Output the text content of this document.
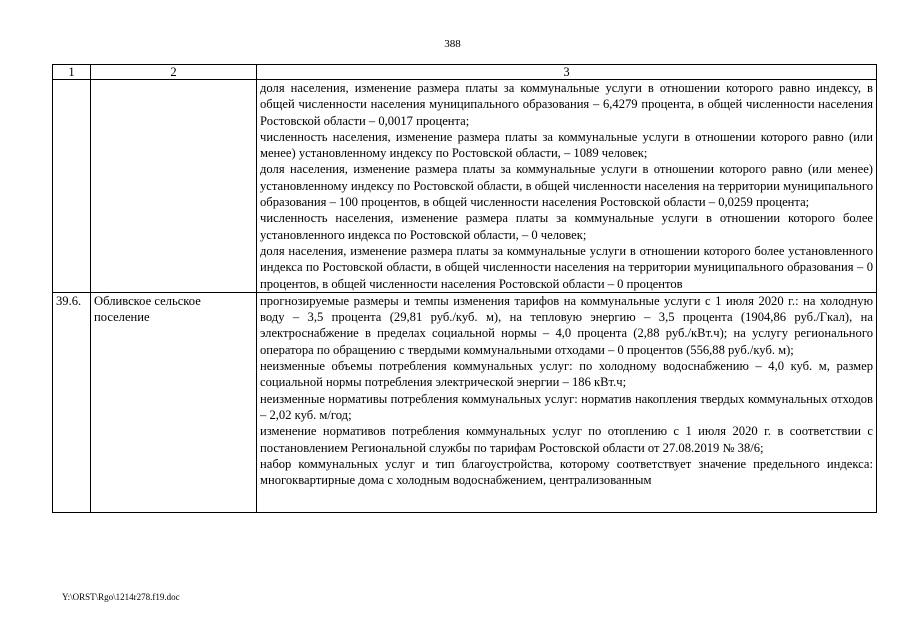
388
1	2	3

		доля населения, изменение размера платы за коммунальные услуги в отношении которого равно индексу, в общей численности населения муниципального образования – 6,4279 процента, в общей численности населения Ростовской области – 0,0017 процента;
численность населения, изменение размера платы за коммунальные услуги в отношении которого равно (или менее) установленному индексу по Ростовской области, – 1089 человек;
доля населения, изменение размера платы за коммунальные услуги в отношении которого равно (или менее) установленному индексу по Ростовской области, в общей численности населения на территории муниципального образования – 100 процентов, в общей численности населения Ростовской области – 0,0259 процента;
численность населения, изменение размера платы за коммунальные услуги в отношении которого более установленного индекса по Ростовской области, – 0 человек;
доля населения, изменение размера платы за коммунальные услуги в отношении которого более установленного индекса по Ростовской области, в общей численности населения на территории муниципального образования – 0 процентов, в общей численности населения Ростовской области – 0 процентов

39.6.	Обливское сельское поселение	прогнозируемые размеры и темпы изменения тарифов на коммунальные услуги с 1 июля 2020 г.: на холодную воду – 3,5 процента (29,81 руб./куб. м), на тепловую энергию – 3,5 процента (1904,86 руб./Гкал), на электроснабжение в пределах социальной нормы – 4,0 процента (2,88 руб./кВт.ч); на услугу регионального оператора по обращению с твердыми коммунальными отходами – 0 процентов (556,88 руб./куб. м);
неизменные объемы потребления коммунальных услуг: по холодному водоснабжению – 4,0 куб. м, размер социальной нормы потребления электрической энергии – 186 кВт.ч;
неизменные нормативы потребления коммунальных услуг: норматив накопления твердых коммунальных отходов – 2,02 куб. м/год;
изменение нормативов потребления коммунальных услуг по отоплению с 1 июля 2020 г. в соответствии с постановлением Региональной службы по тарифам Ростовской области от 27.08.2019 № 38/6;
набор коммунальных услуг и тип благоустройства, которому соответствует значение предельного индекса: многоквартирные дома с холодным водоснабжением, централизованным
Y:\ORST\Rgo\1214r278.f19.doc
